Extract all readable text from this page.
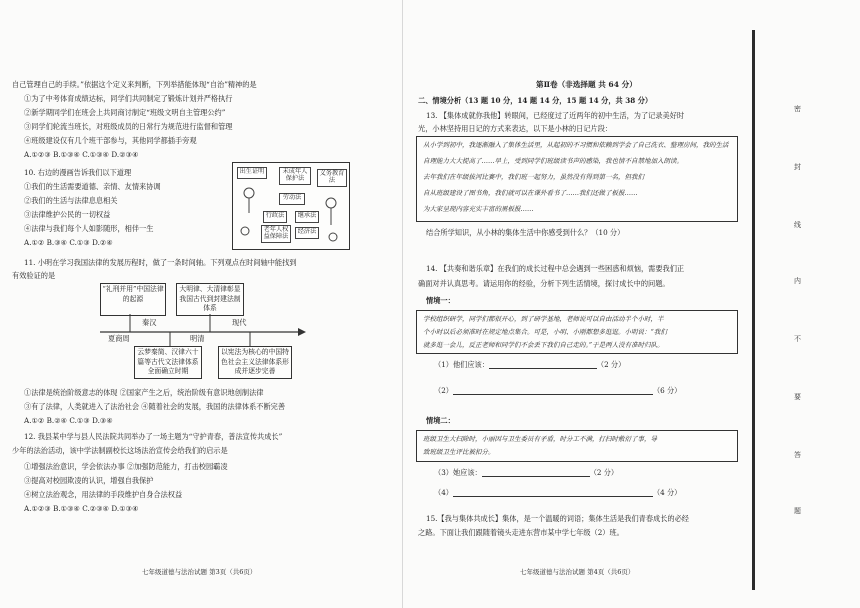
自己管理自己的手续。”依据这个定义来判断，下列举措能体现“自治”精神的是
①为了中考体育成绩达标，同学们共同制定了锻炼计划并严格执行
②新学期同学们在班会上共同商讨制定“班级文明自主管理公约”
③同学们轮流当班长，对班级成员的日常行为规范进行监督和管理
④班级建设仅有几个班干部参与，其他同学都插手旁观
A.①②③ B.①③④ C.①③④ D.②③④
10. 右边的漫画告诉我们以下道理
①我们的生活需要道德、亲情、友情来协调
②我们的生活与法律息息相关
③法律维护公民的一切权益
④法律与我们每个人如影随形，相伴一生
A.①② B.③④ C.①③ D.②④
出生证明	未成年人保护法
义务教育法
劳动法
行政法
老年人权益保障法
继承法
经济法
11. 小明在学习我国法律的发展历程时，做了一条时间轴。下列观点在时间轴中能找到
有效验证的是
“礼刑并用”中国法律的起源
大明律、大清律彰显我国古代到封建法制体系
秦汉	现代
夏商周	明清
云梦秦简、汉律六十篇等古代文法律体系全面确立时期
以宪法为核心的中国特色社会主义法律体系形成并逐步完善
①法律是统治阶级意志的体现 ②国家产生之后，统治阶级有意识地创制法律
③有了法律，人类就进入了法治社会 ④随着社会的发展，我国的法律体系不断完善
A.①② B.②④ C.①③ D.③④
12. 我县某中学与县人民法院共同举办了一场主题为“守护青春，普法宣传共成长”
少年的法治活动，该中学法制副校长这场法治宣传会给我们的启示是
①增强法治意识，学会依法办事 ②加强防范能力，打击校园霸凌
③提高对校园欺凌的认识，增强自我保护
④树立法治观念，用法律的手段维护自身合法权益
A.①②③ B.①③④ C.②③④ D.①③④
七年级道德与法治试题 第3页（共6页）
第Ⅱ卷（非选择题 共 64 分）
二、情境分析（13 题 10 分，14 题 14 分，15 题 14 分，共 38 分）
13. 【集体成就你我他】转眼间，已经度过了近两年的初中生活，为了记录美好时
光，小林坚持用日记的方式来表达，以下是小林的日记片段：
从小学到初中，我逐渐融入了集体生活里，从起初的不习惯和依赖到学会了自己洗衣、整理房间，我的生活
自理能力大大提高了……早上，受到同学们班级读书声的感染，我也情不自禁地加入朗读。
去年我们在年级拔河比赛中，我们班一起努力，虽然没有得到第一名，但我们
自从班级建设了图书角，我们就可以在课外看书了……我们还做了板报……
为大家呈现内容充实丰富的黑板报……
结合所学知识，从小林的集体生活中你感受到什么？（10 分）
14. 【共奏和谐乐章】在我们的成长过程中总会遇到一些困惑和烦恼，需要我们正
确面对并认真思考。请运用你的经验，分析下列生活情境，探讨成长中的问题。
情境一：
学校组织研学，同学们都很开心，到了研学基地，老师说可以自由活动半个小时，半
个小时以后必须准时在规定地点集合。可是，小明、小刚都想多逛逛。小明说：“我们
就多逛一会儿，反正老师和同学们不会丢下我们自己走的。”于是两人没有准时归队。
（1）他们应该：	（2 分）
（2）	（6 分）
情境二：
班级卫生大扫除时，小丽因与卫生委员有矛盾，时分工不满，打扫时敷衍了事，导
致班级卫生评比被扣分。
（3）她应该：	（2 分）
（4）	（4 分）
15.【我与集体共成长】集体，是一个温暖的词语；集体生活是我们青春成长的必经
之路。下面让我们跟随着镜头走进东营市某中学七年级（2）班。
七年级道德与法治试题 第4页（共6页）
密
封
线
内
不
要
答
题
